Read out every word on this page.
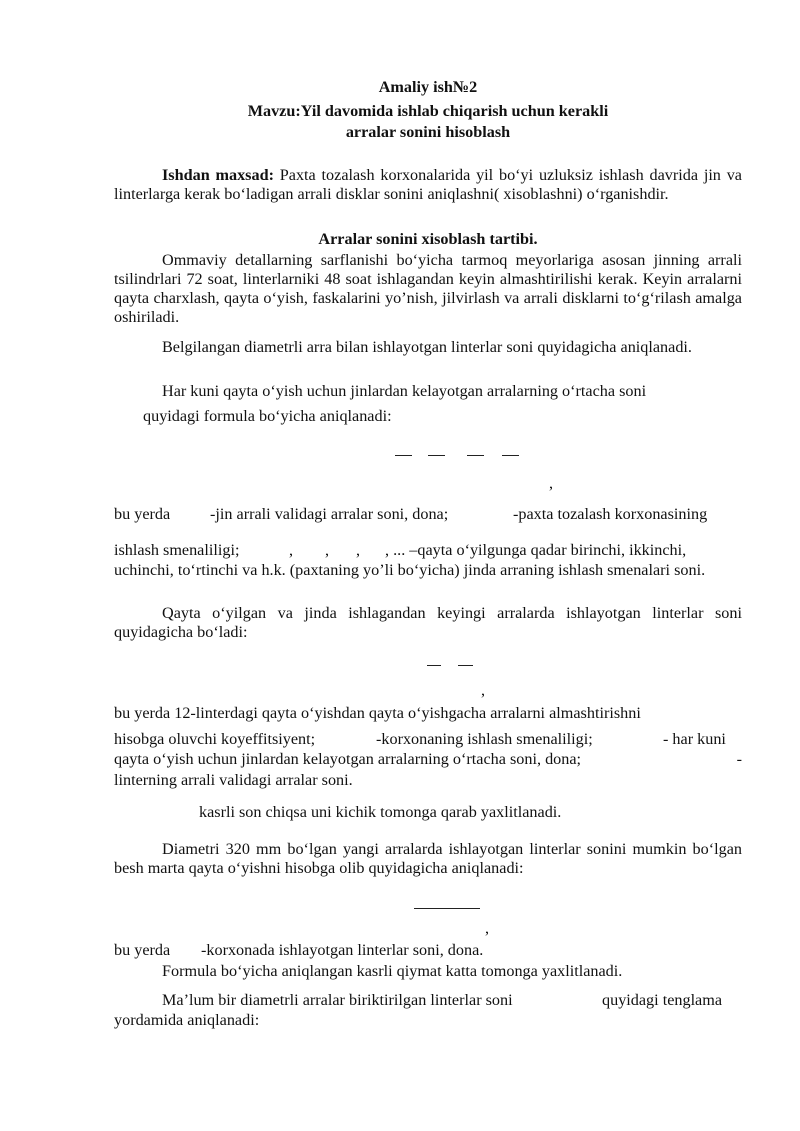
Amaliy ish№2
Mavzu:Yil davomida ishlab chiqarish uchun kerakli
arralar sonini hisoblash
Ishdan maxsad: Paxta tozalash korxonalarida yil bo‘yi uzluksiz ishlash davrida jin va linterlarga kerak bo‘ladigan arrali disklar sonini aniqlashni( xisoblashni) o‘rganishdir.
Arralar sonini xisoblash tartibi.
Ommaviy detallarning sarflanishi bo‘yicha tarmoq meyorlariga asosan jinning arrali tsilindrlari 72 soat, linterlarniki 48 soat ishlagandan keyin almashtirilishi kerak. Keyin arralarni qayta charxlash, qayta o‘yish, faskalarini yo’nish, jilvirlash va arrali disklarni to‘g‘rilash amalga oshiriladi.
Belgilangan diametrli arra bilan ishlayotgan linterlar soni quyidagicha aniqlanadi.
Har kuni qayta o‘yish uchun jinlardan kelayotgan arralarning o‘rtacha soni
quyidagi formula bo‘yicha aniqlanadi:
,
bu yerda -jin arrali validagi arralar soni, dona;	-paxta tozalash korxonasining
ishlash smenaliligi;	, , , , ... –qayta o‘yilgunga qadar birinchi, ikkinchi,
uchinchi, to‘rtinchi va h.k. (paxtaning yo’li bo‘yicha) jinda arraning ishlash smenalari soni.
Qayta o‘yilgan va jinda ishlagandan keyingi arralarda ishlayotgan linterlar soni quyidagicha bo‘ladi:
,
bu yerda 12-linterdagi qayta o‘yishdan qayta o‘yishgacha arralarni almashtirishni
hisobga oluvchi koyeffitsiyent;	-korxonaning ishlash smenaliligi;	- har kuni
qayta o‘yish uchun jinlardan kelayotgan arralarning o‘rtacha soni, dona;	-
linterning arrali validagi arralar soni.
kasrli son chiqsa uni kichik tomonga qarab yaxlitlanadi.
Diametri 320 mm bo‘lgan yangi arralarda ishlayotgan linterlar sonini mumkin bo‘lgan besh marta qayta o‘yishni hisobga olib quyidagicha aniqlanadi:
,
bu yerda -korxonada ishlayotgan linterlar soni, dona.
Formula bo‘yicha aniqlangan kasrli qiymat katta tomonga yaxlitlanadi.
Ma’lum bir diametrli arralar biriktirilgan linterlar soni	quyidagi tenglama
yordamida aniqlanadi:
